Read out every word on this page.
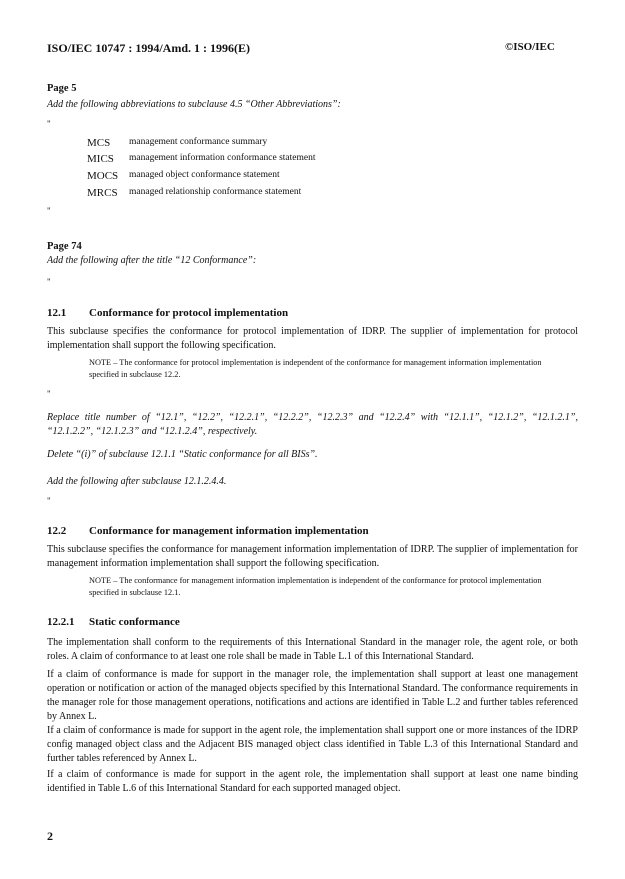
ISO/IEC 10747 : 1994/Amd. 1 : 1996(E)	©ISO/IEC
Page 5
Add the following abbreviations to subclause 4.5 “Other Abbreviations”:
"
MCS	management conformance summary
MICS	management information conformance statement
MOCS	managed object conformance statement
MRCS	managed relationship conformance statement
"
Page 74
Add the following after the title “12 Conformance”:
"
12.1 Conformance for protocol implementation
This subclause specifies the conformance for protocol implementation of IDRP. The supplier of implementation for protocol implementation shall support the following specification.
NOTE – The conformance for protocol implementation is independent of the conformance for management information implementation specified in subclause 12.2.
"
Replace title number of “12.1”, “12.2”, “12.2.1”, “12.2.2”, “12.2.3” and “12.2.4” with “12.1.1”, “12.1.2”, “12.1.2.1”, “12.1.2.2”, “12.1.2.3” and “12.1.2.4”, respectively.
Delete “(i)” of subclause 12.1.1 “Static conformance for all BISs”.
Add the following after subclause 12.1.2.4.4.
"
12.2 Conformance for management information implementation
This subclause specifies the conformance for management information implementation of IDRP. The supplier of implementation for management information implementation shall support the following specification.
NOTE – The conformance for management information implementation is independent of the conformance for protocol implementation specified in subclause 12.1.
12.2.1 Static conformance
The implementation shall conform to the requirements of this International Standard in the manager role, the agent role, or both roles. A claim of conformance to at least one role shall be made in Table L.1 of this International Standard.
If a claim of conformance is made for support in the manager role, the implementation shall support at least one management operation or notification or action of the managed objects specified by this International Standard. The conformance requirements in the manager role for those management operations, notifications and actions are identified in Table L.2 and further tables referenced by Annex L.
If a claim of conformance is made for support in the agent role, the implementation shall support one or more instances of the IDRP config managed object class and the Adjacent BIS managed object class identified in Table L.3 of this International Standard and further tables referenced by Annex L.
If a claim of conformance is made for support in the agent role, the implementation shall support at least one name binding identified in Table L.6 of this International Standard for each supported managed object.
2
